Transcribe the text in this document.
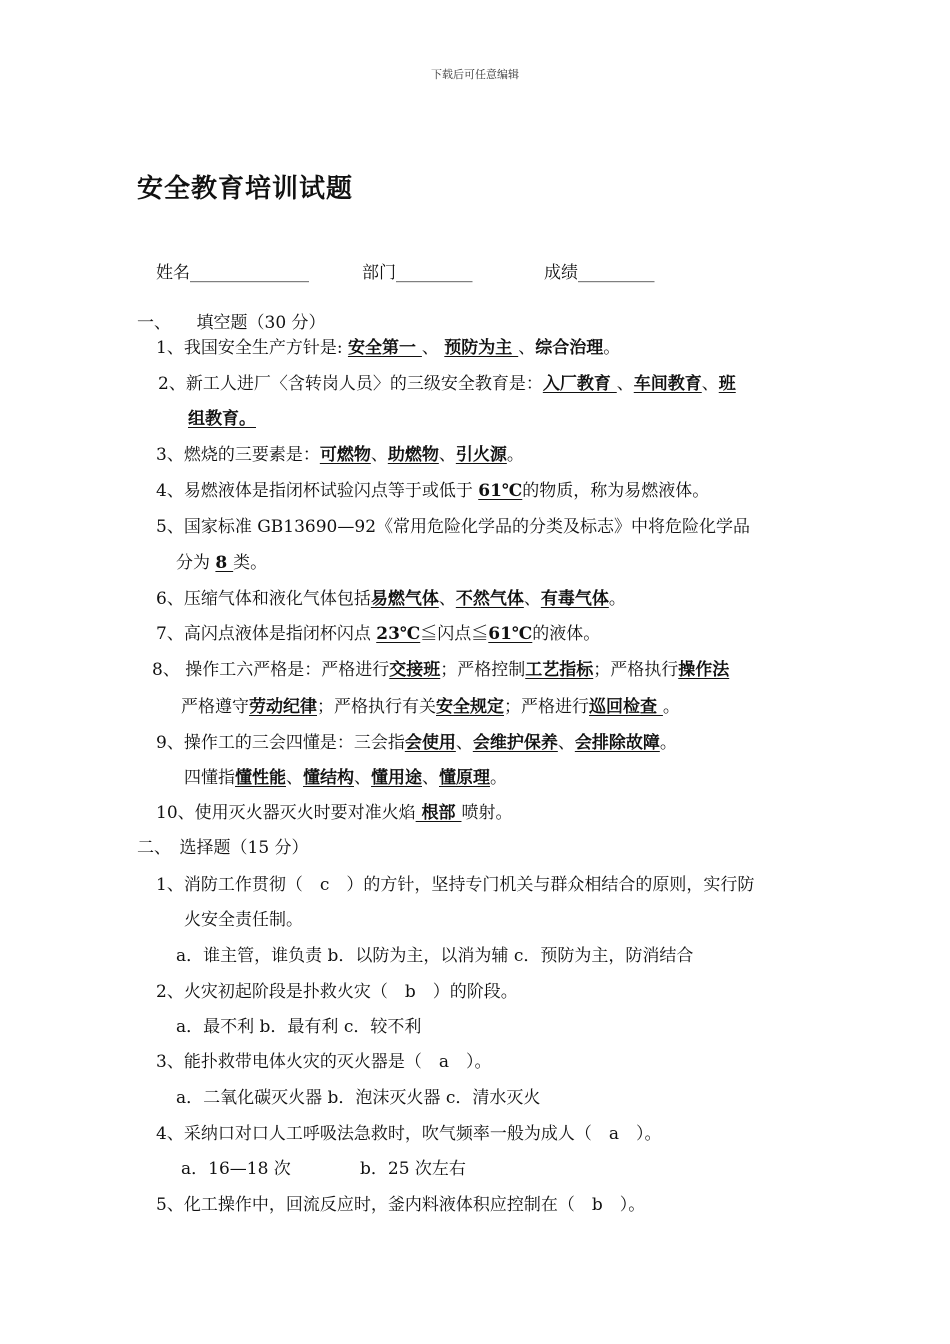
下载后可任意编辑
安全教育培训试题
姓名______________	部门_________	成绩_________
一、　　填空题（30 分）
1、我国安全生产方针是: 安全第一 、 预防为主 、综合治理。
2、新工人进厂〈含转岗人员〉的三级安全教育是：入厂教育 、车间教育、班
组教育。
3、燃烧的三要素是：可燃物、助燃物、引火源。
4、易燃液体是指闭杯试验闪点等于或低于 61℃的物质，称为易燃液体。
5、国家标准 GB13690—92《常用危险化学品的分类及标志》中将危险化学品
分为 8 类。
6、压缩气体和液化气体包括易燃气体、不然气体、有毒气体。
7、高闪点液体是指闭杯闪点 23℃≦闪点≦61℃的液体。
8、 操作工六严格是：严格进行交接班；严格控制工艺指标；严格执行操作法
严格遵守劳动纪律；严格执行有关安全规定；严格进行巡回检查 。
9、操作工的三会四懂是：三会指会使用、会维护保养、会排除故障。
四懂指懂性能、懂结构、懂用途、懂原理。
10、使用灭火器灭火时要对准火焰 根部 喷射。
二、　选择题（15 分）
1、消防工作贯彻（　c　）的方针，坚持专门机关与群众相结合的原则，实行防
火安全责任制。
a．谁主管，谁负责 b．以防为主，以消为辅 c．预防为主，防消结合
2、火灾初起阶段是扑救火灾（　b　）的阶段。
a．最不利 b．最有利 c．较不利
3、能扑救带电体火灾的灭火器是（　a　）。
a．二氧化碳灭火器 b．泡沫灭火器 c．清水灭火
4、采纳口对口人工呼吸法急救时，吹气频率一般为成人（　a　）。
a．16—18 次	b．25 次左右
5、化工操作中，回流反应时，釜内料液体积应控制在（　b　）。
